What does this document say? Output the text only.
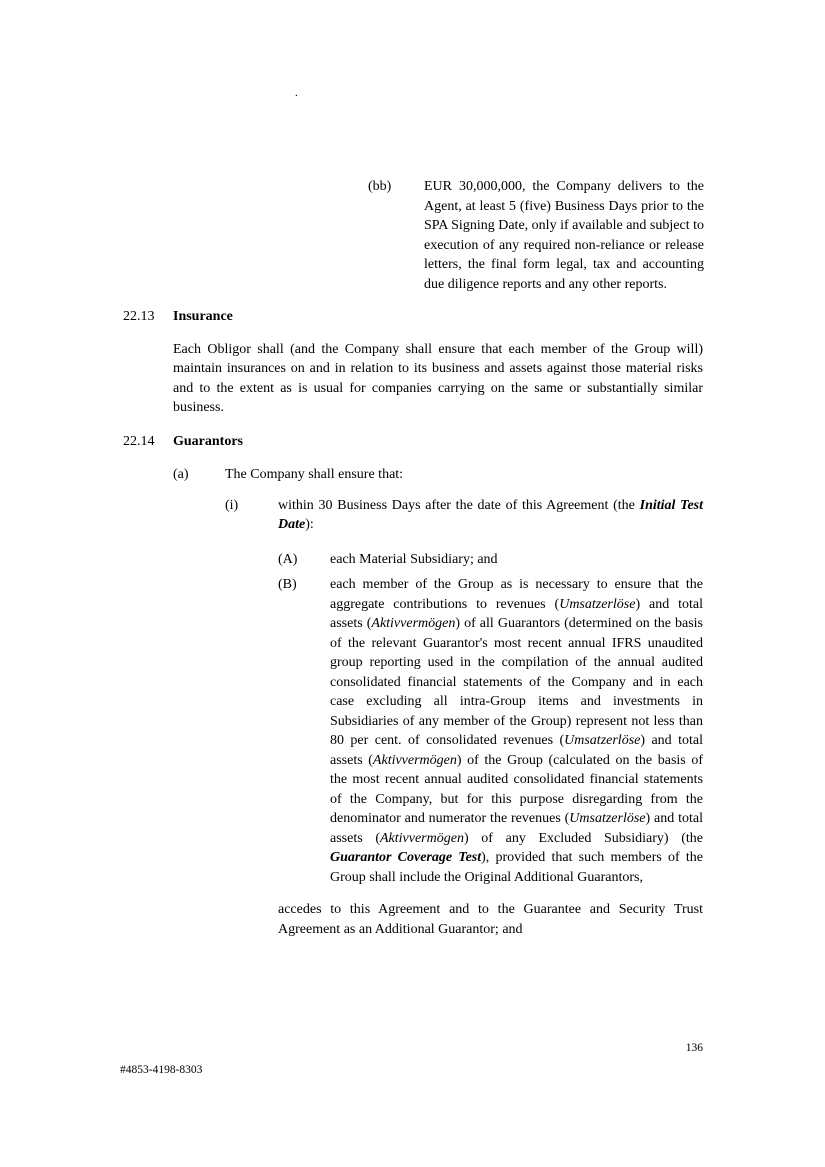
.
(bb) EUR 30,000,000, the Company delivers to the Agent, at least 5 (five) Business Days prior to the SPA Signing Date, only if available and subject to execution of any required non-reliance or release letters, the final form legal, tax and accounting due diligence reports and any other reports.
22.13 Insurance
Each Obligor shall (and the Company shall ensure that each member of the Group will) maintain insurances on and in relation to its business and assets against those material risks and to the extent as is usual for companies carrying on the same or substantially similar business.
22.14 Guarantors
(a)	The Company shall ensure that:
(i)	within 30 Business Days after the date of this Agreement (the Initial Test Date):
(A) each Material Subsidiary; and
(B) each member of the Group as is necessary to ensure that the aggregate contributions to revenues (Umsatzerlöse) and total assets (Aktivvermögen) of all Guarantors (determined on the basis of the relevant Guarantor's most recent annual IFRS unaudited group reporting used in the compilation of the annual audited consolidated financial statements of the Company and in each case excluding all intra-Group items and investments in Subsidiaries of any member of the Group) represent not less than 80 per cent. of consolidated revenues (Umsatzerlöse) and total assets (Aktivvermögen) of the Group (calculated on the basis of the most recent annual audited consolidated financial statements of the Company, but for this purpose disregarding from the denominator and numerator the revenues (Umsatzerlöse) and total assets (Aktivvermögen) of any Excluded Subsidiary) (the Guarantor Coverage Test), provided that such members of the Group shall include the Original Additional Guarantors,
accedes to this Agreement and to the Guarantee and Security Trust Agreement as an Additional Guarantor; and
136
#4853-4198-8303
